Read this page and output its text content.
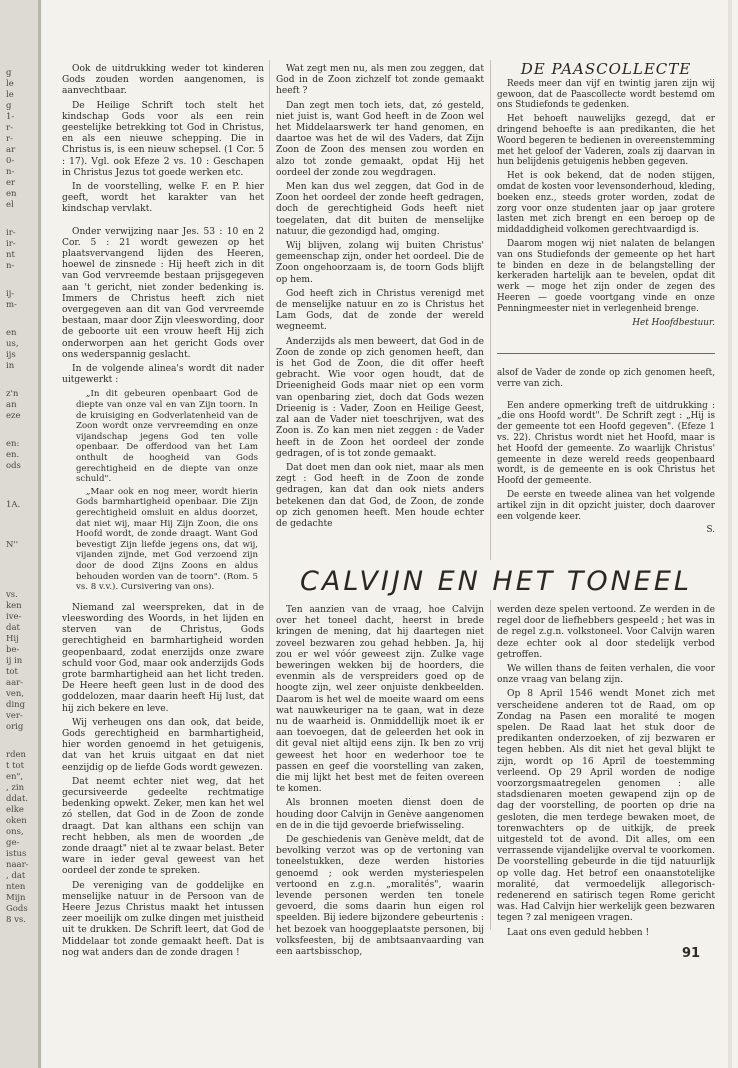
g

le

le

g

1-

r-

r-

ar

0-

n-

er

en

el

ir-

ir-

nt

n-

ij-

m-

en

us,

ijs

in

z'n

an

eze

en:

en.

ods

1A.

N''

vs.

ken

ive-

dat

Hij

be-

ij in

tot

aar-

ven,

ding

ver-

orig

rden

t tot

en",

, zin

ddat.

elke

oken

ons,

ge-

istus

naar-

, dat

nten

Mijn

Gods

8 vs.

Ook de uitdrukking weder tot kinderen Gods zouden worden aangenomen, is aanvechtbaar.

De Heilige Schrift toch stelt het kindschap Gods voor als een rein geestelijke betrekking tot God in Christus, en als een nieuwe schepping. Die in Christus is, is een nieuw schepsel. (1 Cor. 5 : 17). Vgl. ook Efeze 2 vs. 10 : Geschapen in Christus Jezus tot goede werken etc.

In de voorstelling, welke F. en P. hier geeft, wordt het karakter van het kindschap vervlakt.

Onder verwijzing naar Jes. 53 : 10 en 2 Cor. 5 : 21 wordt gewezen op het plaatsvervangend lijden des Heeren, hoewel de zinsnede : Hij heeft zich in dit van God vervreemde bestaan prijsgegeven aan 't gericht, niet zonder bedenking is. Immers de Christus heeft zich niet overgegeven aan dit van God vervreemde bestaan, maar door Zijn vleeswording, door de geboorte uit een vrouw heeft Hij zich onderworpen aan het gericht Gods over ons wederspannig geslacht.

In de volgende alinea's wordt dit nader uitgewerkt :

„In dit gebeuren openbaart God de diepte van onze val en van Zijn toorn. In de kruisiging en Godverlatenheid van de Zoon wordt onze vervreemding en onze vijandschap jegens God ten volle openbaar. De offerdood van het Lam onthult de hoogheid van Gods gerechtigheid en de diepte van onze schuld".

„Maar ook en nog meer, wordt hierin Gods barmhartigheid openbaar. Die Zijn gerechtigheid omsluit en aldus doorzet, dat niet wij, maar Hij Zijn Zoon, die ons Hoofd wordt, de zonde draagt. Want God bevestigt Zijn liefde jegens ons, dat wij, vijanden zijnde, met God verzoend zijn door de dood Zijns Zoons en aldus behouden worden van de toorn". (Rom. 5 vs. 8 v.v.). Cursivering van ons).

Niemand zal weerspreken, dat in de vleeswording des Woords, in het lijden en sterven van de Christus, Gods gerechtigheid en barmhartigheid worden geopenbaard, zodat enerzijds onze zware schuld voor God, maar ook anderzijds Gods grote barmhartigheid aan het licht treden. De Heere heeft geen lust in de dood des goddelozen, maar daarin heeft Hij lust, dat hij zich bekere en leve.

Wij verheugen ons dan ook, dat beide, Gods gerechtigheid en barmhartigheid, hier worden genoemd in het getuigenis, dat van het kruis uitgaat en dat niet eenzijdig op de liefde Gods wordt gewezen.

Dat neemt echter niet weg, dat het gecursiveerde gedeelte rechtmatige bedenking opwekt. Zeker, men kan het wel zó stellen, dat God in de Zoon de zonde draagt. Dat kan althans een schijn van recht hebben, als men de woorden „de zonde draagt" niet al te zwaar belast. Beter ware in ieder geval geweest van het oordeel der zonde te spreken.

De vereniging van de goddelijke en menselijke natuur in de Persoon van de Heere Jezus Christus maakt het intussen zeer moeilijk om zulke dingen met juistheid uit te drukken. De Schrift leert, dat God de Middelaar tot zonde gemaakt heeft. Dat is nog wat anders dan de zonde dragen !

Wat zegt men nu, als men zou zeggen, dat God in de Zoon zichzelf tot zonde gemaakt heeft ?

Dan zegt men toch iets, dat, zó gesteld, niet juist is, want God heeft in de Zoon wel het Middelaarswerk ter hand genomen, en daartoe was het de wil des Vaders, dat Zijn Zoon de Zoon des mensen zou worden en alzo tot zonde gemaakt, opdat Hij het oordeel der zonde zou wegdragen.

Men kan dus wel zeggen, dat God in de Zoon het oordeel der zonde heeft gedragen, doch de gerechtigheid Gods heeft niet toegelaten, dat dit buiten de menselijke natuur, die gezondigd had, omging.

Wij blijven, zolang wij buiten Christus' gemeenschap zijn, onder het oordeel. Die de Zoon ongehoorzaam is, de toorn Gods blijft op hem.

God heeft zich in Christus verenigd met de menselijke natuur en zo is Christus het Lam Gods, dat de zonde der wereld wegneemt.

Anderzijds als men beweert, dat God in de Zoon de zonde op zich genomen heeft, dan is het God de Zoon, die dit offer heeft gebracht. Wie voor ogen houdt, dat de Drieenigheid Gods maar niet op een vorm van openbaring ziet, doch dat Gods wezen Drieenig is : Vader, Zoon en Heilige Geest, zal aan de Vader niet toeschrijven, wat des Zoon is. Zo kan men niet zeggen : de Vader heeft in de Zoon het oordeel der zonde gedragen, of is tot zonde gemaakt.

Dat doet men dan ook niet, maar als men zegt : God heeft in de Zoon de zonde gedragen, kan dat dan ook niets anders betekenen dan dat God, de Zoon, de zonde op zich genomen heeft. Men houde echter de gedachte

DE PAASCOLLECTE

Reeds meer dan vijf en twintig jaren zijn wij gewoon, dat de Paascollecte wordt bestemd om ons Studiefonds te gedenken.

Het behoeft nauwelijks gezegd, dat er dringend behoefte is aan predikanten, die het Woord begeren te bedienen in overeenstemming met het geloof der Vaderen, zoals zij daarvan in hun belijdenis getuigenis hebben gegeven.

Het is ook bekend, dat de noden stijgen, omdat de kosten voor levensonderhoud, kleding, boeken enz., steeds groter worden, zodat de zorg voor onze studenten jaar op jaar grotere lasten met zich brengt en een beroep op de middaddigheid volkomen gerechtvaardigd is.

Daarom mogen wij niet nalaten de belangen van ons Studiefonds der gemeente op het hart te binden en deze in de belangstelling der kerkeraden hartelijk aan te bevelen, opdat dit werk — moge het zijn onder de zegen des Heeren — goede voortgang vinde en onze Penningmeester niet in verlegenheid brenge.

Het Hoofdbestuur.

alsof de Vader de zonde op zich genomen heeft, verre van zich.

Een andere opmerking treft de uitdrukking : „die ons Hoofd wordt". De Schrift zegt : „Hij is der gemeente tot een Hoofd gegeven". (Efeze 1 vs. 22). Christus wordt niet het Hoofd, maar is het Hoofd der gemeente. Zo waarlijk Christus' gemeente in deze wereld reeds geopenbaard wordt, is de gemeente en is ook Christus het Hoofd der gemeente.

De eerste en tweede alinea van het volgende artikel zijn in dit opzicht juister, doch daarover een volgende keer.

S.

CALVIJN EN HET TONEEL

Ten aanzien van de vraag, hoe Calvijn over het toneel dacht, heerst in brede kringen de mening, dat hij daartegen niet zoveel bezwaren zou gehad hebben. Ja, hij zou er wel vóór geweest zijn. Zulke vage beweringen wekken bij de hoorders, die evenmin als de verspreiders goed op de hoogte zijn, wel zeer onjuiste denkbeelden. Daarom is het wel de moeite waard om eens wat nauwkeuriger na te gaan, wat in deze nu de waarheid is. Onmiddellijk moet ik er aan toevoegen, dat de geleerden het ook in dit geval niet altijd eens zijn. Ik ben zo vrij geweest het hoor en wederhoor toe te passen en geef die voorstelling van zaken, die mij lijkt het best met de feiten overeen te komen.

Als bronnen moeten dienst doen de houding door Calvijn in Genève aangenomen en de in die tijd gevoerde briefwisseling.

De geschiedenis van Genève meldt, dat de bevolking verzot was op de vertoning van toneelstukken, deze werden histories genoemd ; ook werden mysteriespelen vertoond en z.g.n. „moralités", waarin levende personen werden ten tonele gevoerd, die soms daarin hun eigen rol speelden. Bij iedere bijzondere gebeurtenis : het bezoek van hooggeplaatste personen, bij volksfeesten, bij de ambtsaanvaarding van een aartsbisschop,

werden deze spelen vertoond. Ze werden in de regel door de liefhebbers gespeeld ; het was in de regel z.g.n. volkstoneel. Voor Calvijn waren deze echter ook al door stedelijk verbod getroffen.

We willen thans de feiten verhalen, die voor onze vraag van belang zijn.

Op 8 April 1546 wendt Monet zich met verscheidene anderen tot de Raad, om op Zondag na Pasen een moralité te mogen spelen. De Raad laat het stuk door de predikanten onderzoeken, of zij bezwaren er tegen hebben. Als dit niet het geval blijkt te zijn, wordt op 16 April de toestemming verleend. Op 29 April worden de nodige voorzorgsmaatregelen genomen : alle stadsdienaren moeten gewapend zijn op de dag der voorstelling, de poorten op drie na gesloten, die men terdege bewaken moet, de torenwachters op de uitkijk, de preek uitgesteld tot de avond. Dit alles, om een verrassende vijandelijke overval te voorkomen. De voorstelling gebeurde in die tijd natuurlijk op volle dag. Het betrof een onaanstotelijke moralité, dat vermoedelijk allegorisch-redenerend en satirisch tegen Rome gericht was. Had Calvijn hier werkelijk geen bezwaren tegen ? zal menigeen vragen.

Laat ons even geduld hebben !

91
